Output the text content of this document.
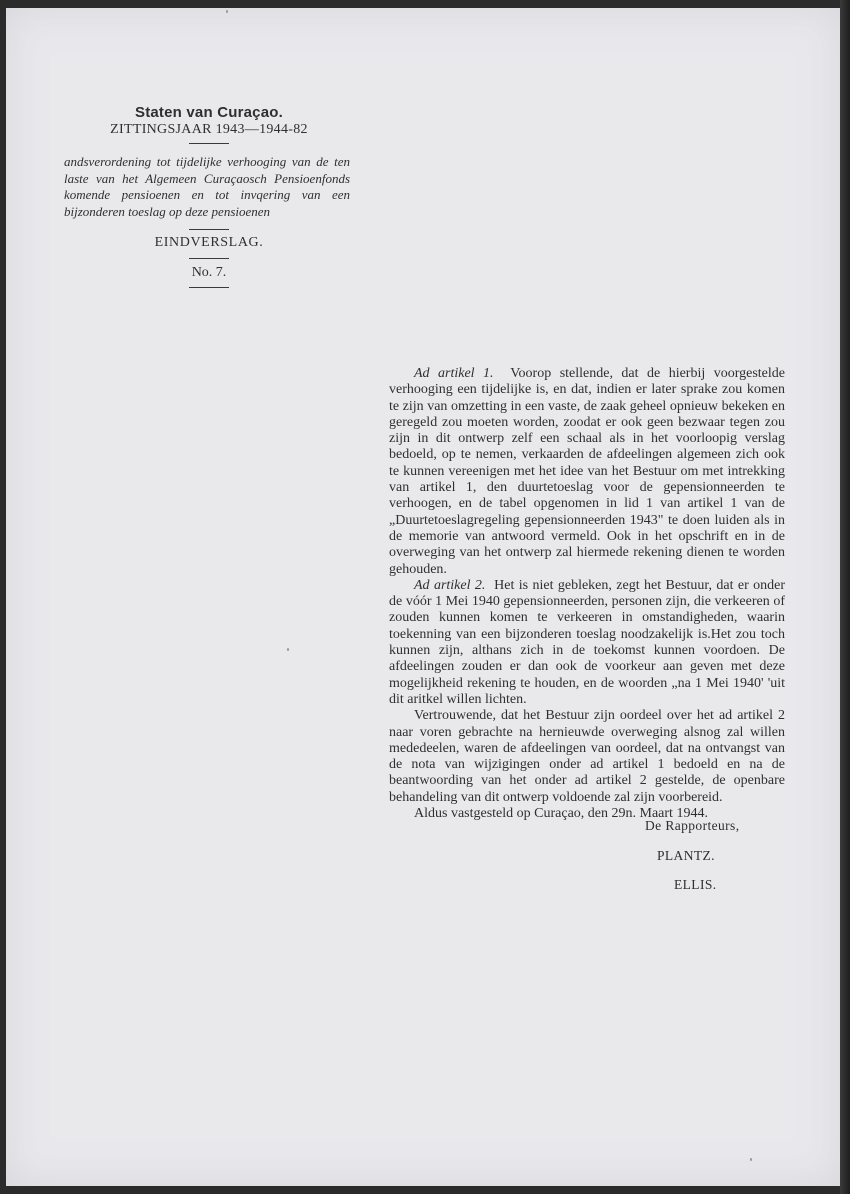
Staten van Curaçao.
ZITTINGSJAAR 1943—1944-82

andsverordening tot tijdelijke verhooging van de ten laste van het Algemeen Curaçaosch Pensioenfonds komende pensioenen en tot invqering van een bijzonderen toeslag op deze pensioenen

EINDVERSLAG.
No. 7.

Ad artikel 1. Voorop stellende, dat de hierbij voorgestelde verhooging een tijdelijke is, en dat, indien er later sprake zou komen te zijn van omzetting in een vaste, de zaak geheel opnieuw bekeken en geregeld zou moeten worden, zoodat er ook geen bezwaar tegen zou zijn in dit ontwerp zelf een schaal als in het voorloopig verslag bedoeld, op te nemen, verkaarden de afdeelingen algemeen zich ook te kunnen vereenigen met het idee van het Bestuur om met intrekking van artikel 1, den duurtetoeslag voor de gepensionneerden te verhoogen, en de tabel opgenomen in lid 1 van artikel 1 van de „Duurtetoeslagregeling gepensionneerden 1943" te doen luiden als in de memorie van antwoord vermeld. Ook in het opschrift en in de overweging van het ontwerp zal hiermede rekening dienen te worden gehouden.

Ad artikel 2. Het is niet gebleken, zegt het Bestuur, dat er onder de vóór 1 Mei 1940 gepensionneerden, personen zijn, die verkeeren of zouden kunnen komen te verkeeren in omstandigheden, waarin toekenning van een bijzonderen toeslag noodzakelijk is.Het zou toch kunnen zijn, althans zich in de toekomst kunnen voordoen. De afdeelingen zouden er dan ook de voorkeur aan geven met deze mogelijkheid rekening te houden, en de woorden „na 1 Mei 1940' 'uit dit aritkel willen lichten.

Vertrouwende, dat het Bestuur zijn oordeel over het ad artikel 2 naar voren gebrachte na hernieuwde overweging alsnog zal willen mededeelen, waren de afdeelingen van oordeel, dat na ontvangst van de nota van wijzigingen onder ad artikel 1 bedoeld en na de beantwoording van het onder ad artikel 2 gestelde, de openbare behandeling van dit ontwerp voldoende zal zijn voorbereid.

Aldus vastgesteld op Curaçao, den 29n. Maart 1944.

De Rapporteurs,
PLANTZ.
ELLIS.
